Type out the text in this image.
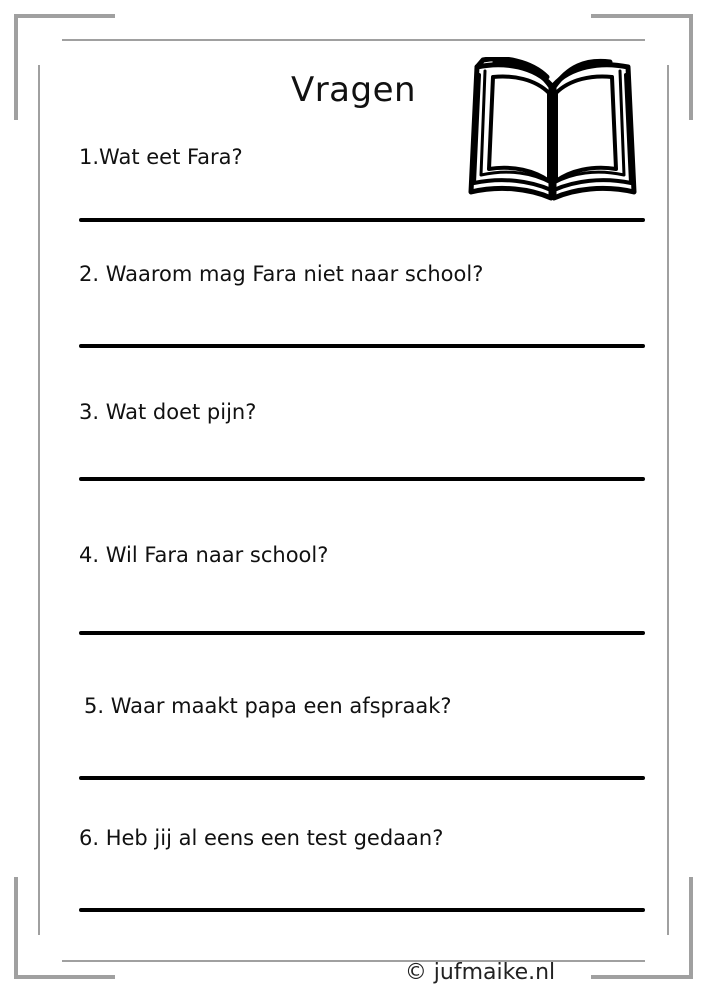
Vragen
1.Wat eet Fara?
2. Waarom mag Fara niet naar school?
3. Wat doet pijn?
4. Wil Fara naar school?
5. Waar maakt papa een afspraak?
6. Heb jij al eens een test gedaan?
© jufmaike.nl
